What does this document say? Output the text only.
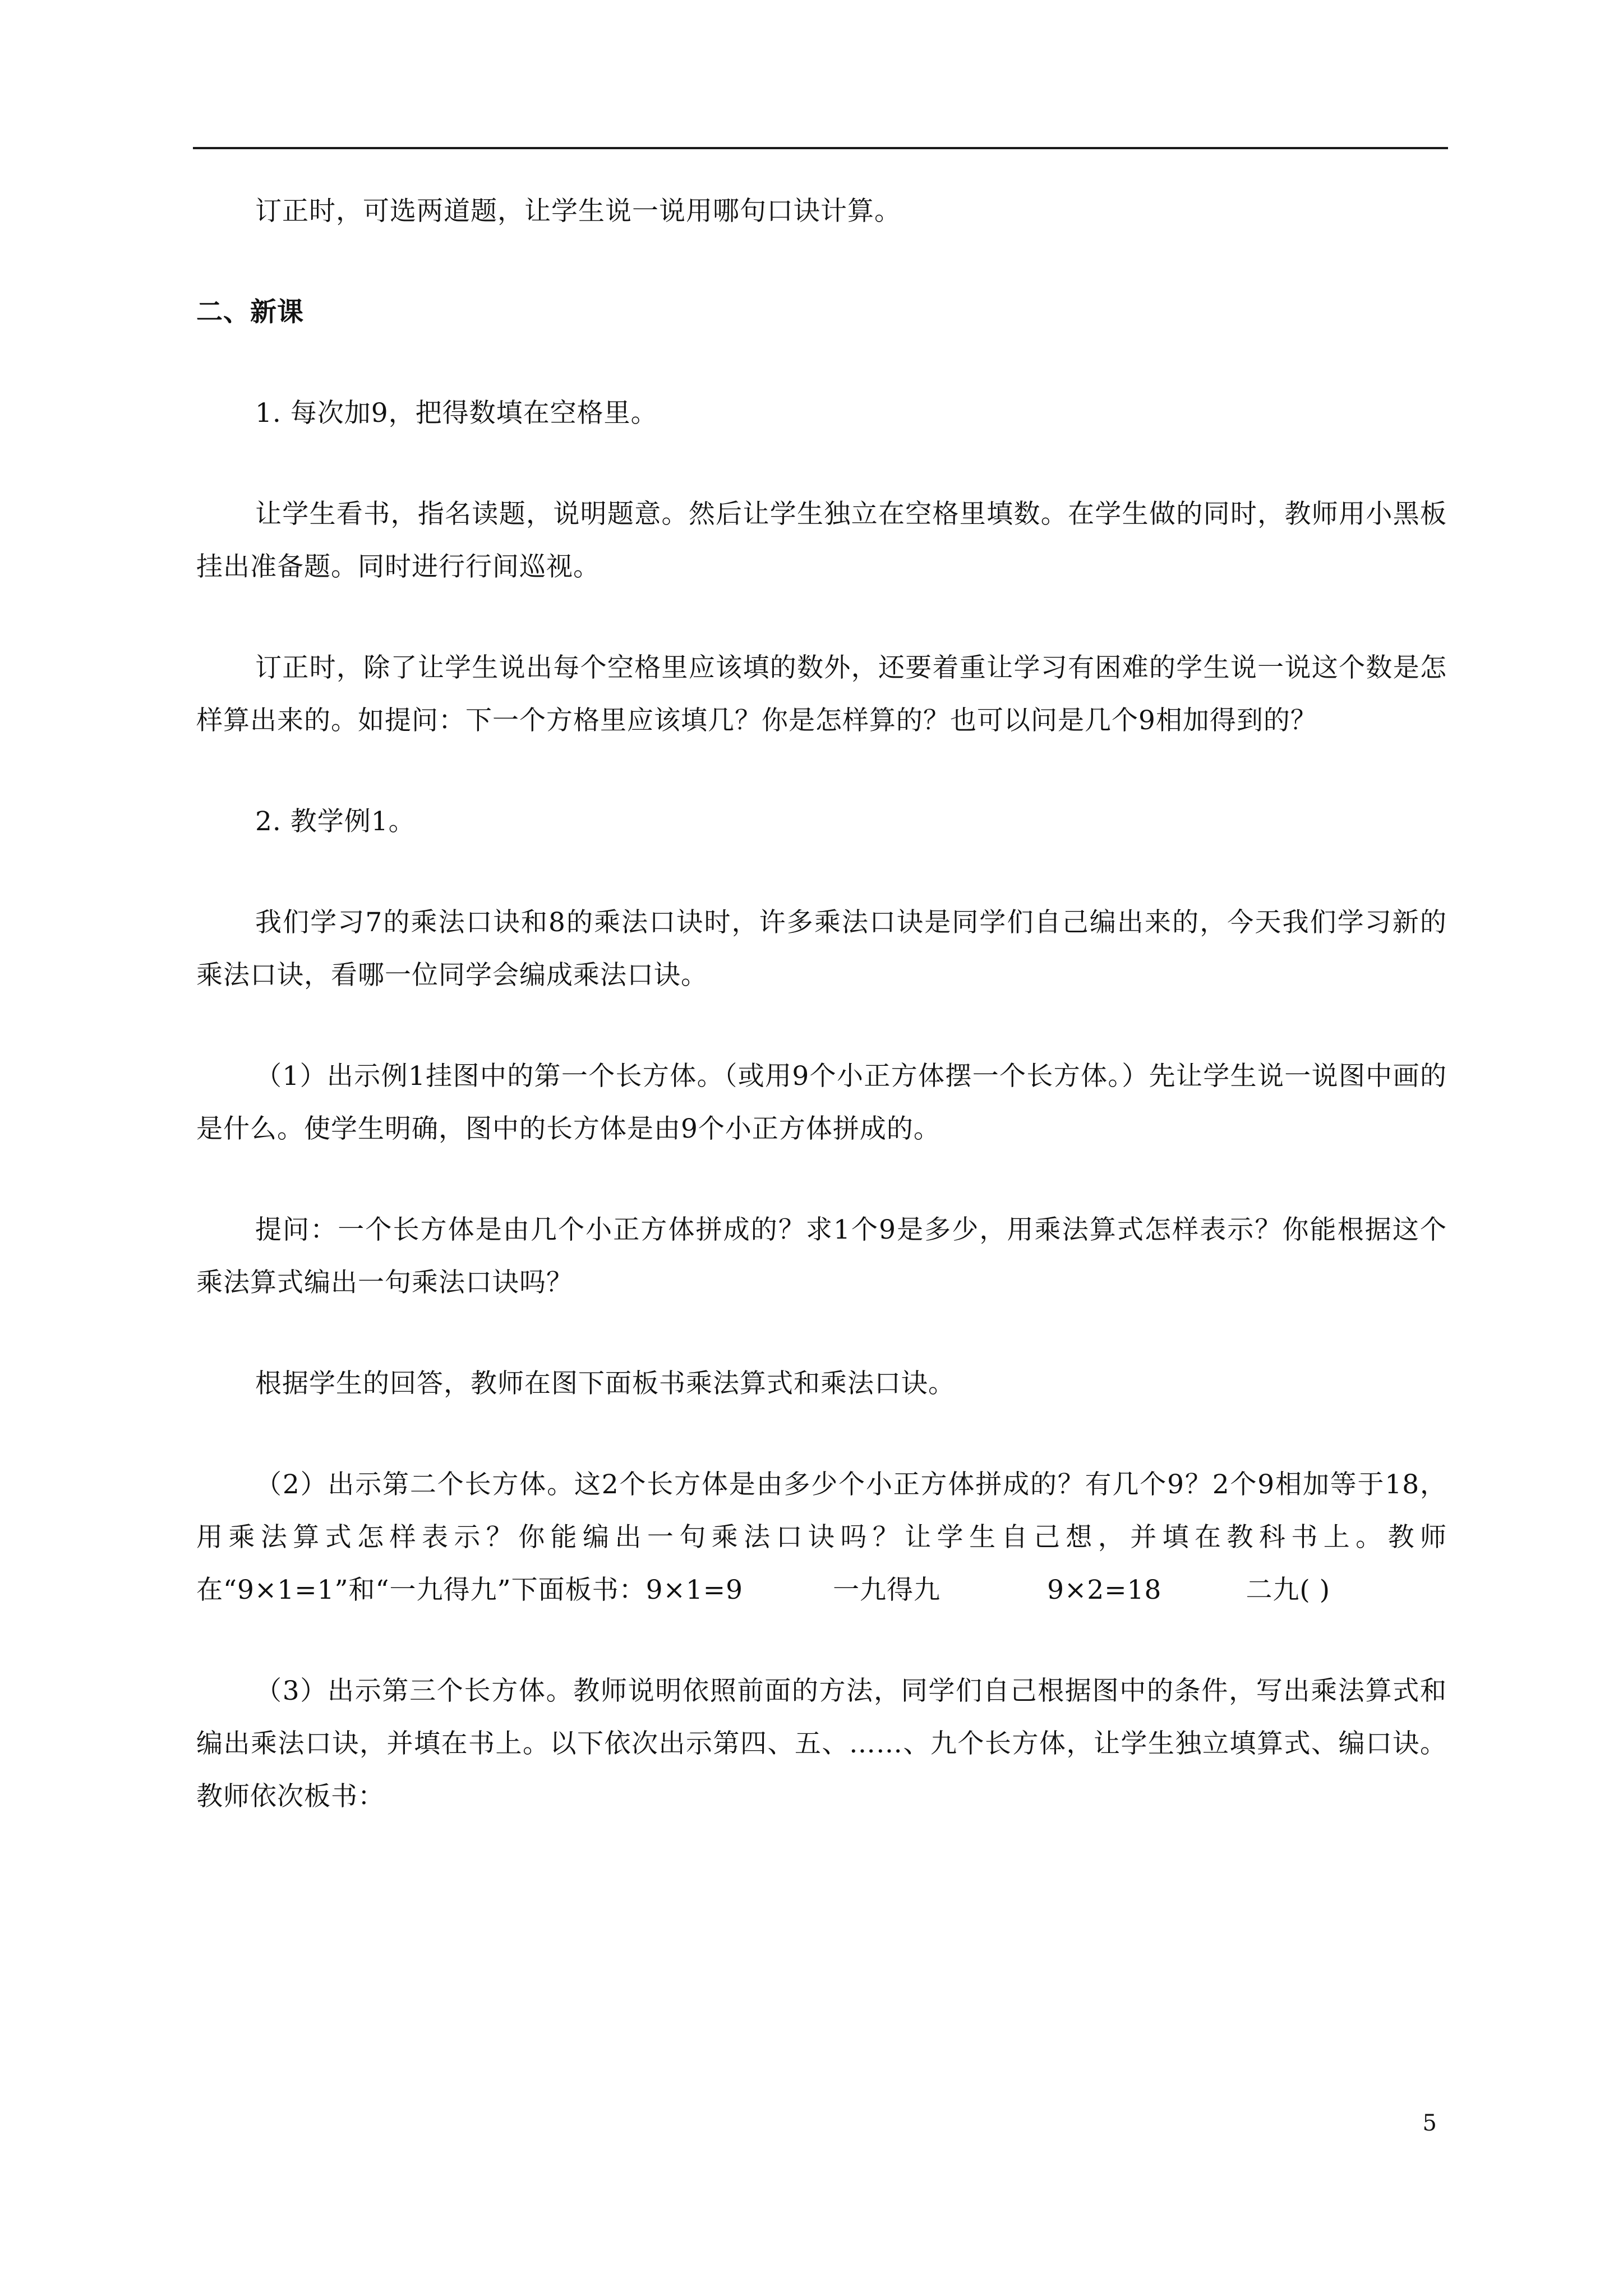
订正时，可选两道题，让学生说一说用哪句口诀计算。

二、新课

1. 每次加9，把得数填在空格里。

让学生看书，指名读题，说明题意。然后让学生独立在空格里填数。在学生做的同时，教师用小黑板挂出准备题。同时进行行间巡视。

订正时，除了让学生说出每个空格里应该填的数外，还要着重让学习有困难的学生说一说这个数是怎样算出来的。如提问：下一个方格里应该填几？你是怎样算的？也可以问是几个9相加得到的？

2. 教学例1。

我们学习7的乘法口诀和8的乘法口诀时，许多乘法口诀是同学们自己编出来的，今天我们学习新的乘法口诀，看哪一位同学会编成乘法口诀。

（1）出示例1挂图中的第一个长方体。（或用9个小正方体摆一个长方体。）先让学生说一说图中画的是什么。使学生明确，图中的长方体是由9个小正方体拼成的。

提问：一个长方体是由几个小正方体拼成的？求1个9是多少，用乘法算式怎样表示？你能根据这个乘法算式编出一句乘法口诀吗？

根据学生的回答，教师在图下面板书乘法算式和乘法口诀。

（2）出示第二个长方体。这2个长方体是由多少个小正方体拼成的？有几个9？2个9相加等于18，用乘法算式怎样表示？你能编出一句乘法口诀吗？让学生自己想，并填在教科书上。教师在“9×1=1”和“一九得九”下面板书：9×1=9	一九得九	9×2=18	二九( )

（3）出示第三个长方体。教师说明依照前面的方法，同学们自己根据图中的条件，写出乘法算式和编出乘法口诀，并填在书上。以下依次出示第四、五、……、九个长方体，让学生独立填算式、编口诀。教师依次板书：

5
